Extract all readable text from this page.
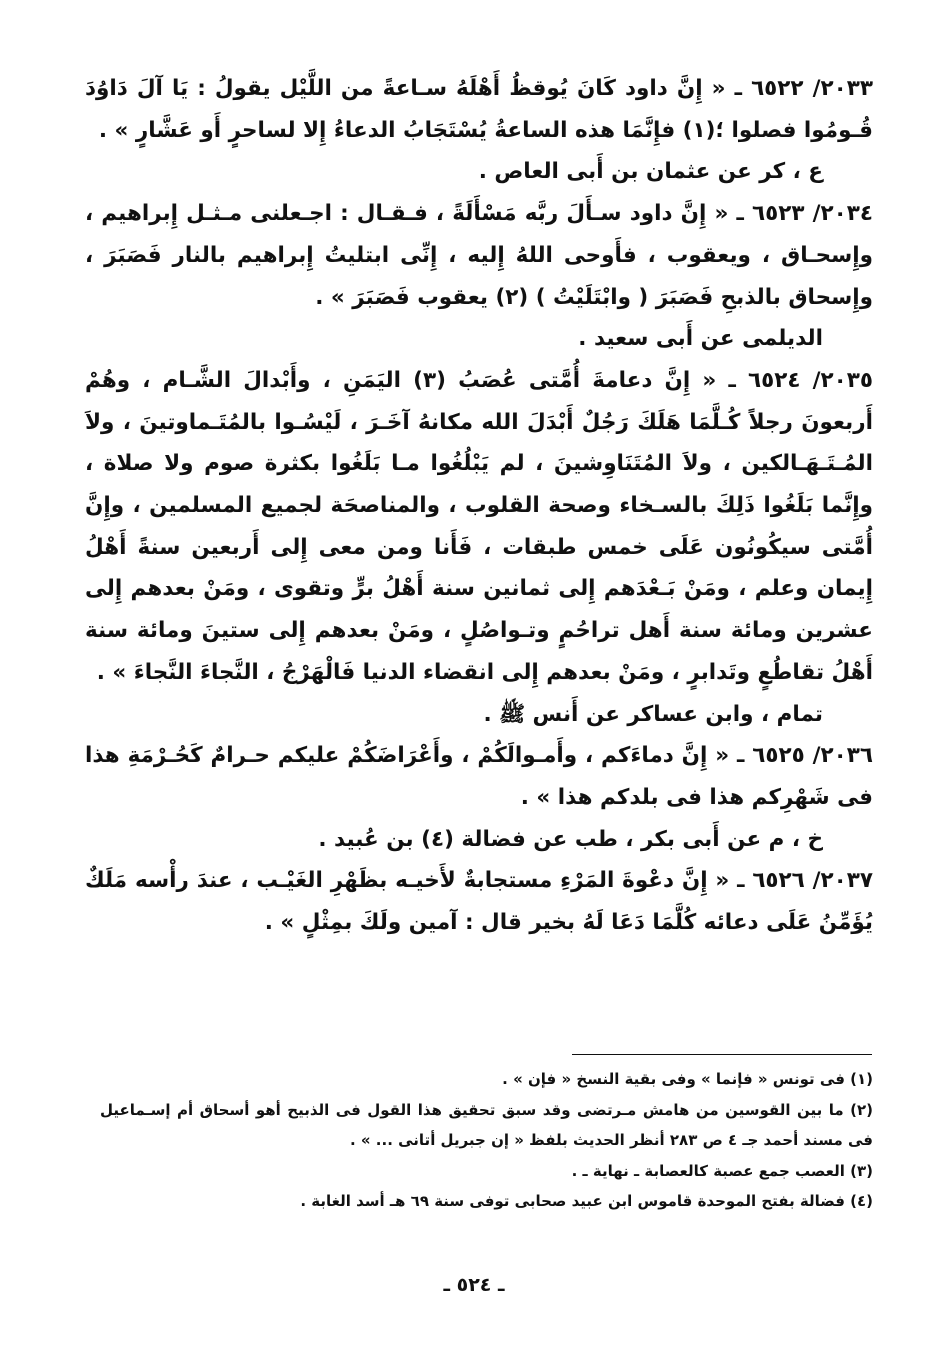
٢٠٣٣/ ٦٥٢٢ ـ « إِنَّ داود كَانَ يُوقظُ أَهْلَهُ سـاعةً من اللَّيْل يقولُ : يَا آلَ دَاوُدَ قُـومُوا فصلوا ؛(١) فإِنَّمَا هذه الساعةُ يُسْتَجَابُ الدعاءُ إِلا لساحرٍ أَو عَشَّارٍ » .

ع ، كر عن عثمان بن أَبى العاص .

٢٠٣٤/ ٦٥٢٣ ـ « إِنَّ داود سـأَلَ ربَّه مَسْأَلَةً ، فـقـال : اجـعلنى مـثـل إِبراهيم ، وإِسحـاق ، ويعقوب ، فأَوحى اللهُ إِليه ، إِنِّى ابتليتُ إِبراهيم بالنار فَصَبَرَ ، وإِسحاق بالذبحِ فَصَبَرَ ( وابْتَلَيْتُ ) (٢) يعقوب فَصَبَرَ » .

الديلمى عن أَبى سعيد .

٢٠٣٥/ ٦٥٢٤ ـ « إِنَّ دعامةَ أُمَّتى عُصَبُ (٣) اليَمَنِ ، وأَبْدالَ الشَّـام ، وهُمْ أَربعونَ رجلاً كُـلَّمَا هَلَكَ رَجُلٌ أَبْدَلَ الله مكانهُ آخَـرَ ، لَيْسُـوا بالمُتَـماوتينَ ، ولاَ المُـتَـهَـالكين ، ولاَ المُتَنَاوِشينَ ، لم يَبْلُغُوا مـا بَلَغُوا بكثرة صوم ولا صلاة ، وإِنَّما بَلَغُوا ذَلِكَ بالسـخاء وصحة القلوب ، والمناصحَة لجميع المسلمين ، وإِنَّ أُمَّتى سيكُونُون عَلَى خمس طبقات ، فَأَنا ومن معى إِلى أَربعين سنةً أَهْلُ إِيمان وعلم ، ومَنْ بَـعْدَهم إِلى ثمانين سنة أَهْلُ برٍّ وتقوى ، ومَنْ بعدهم إِلى عشرين ومائة سنة أَهل تراحُمٍ وتـواصُلٍ ، ومَنْ بعدهم إِلى ستينَ ومائة سنة أَهْلُ تقاطُعٍ وتَدابرٍ ، ومَنْ بعدهم إِلى انقضاء الدنيا فَالْهَرْجُ ، النَّجاءَ النَّجاءَ » .

تمام ، وابن عساكر عن أَنس ﷺ .

٢٠٣٦/ ٦٥٢٥ ـ « إِنَّ دماءَكم ، وأَمـوالَكُمْ ، وأَعْرَاضَكُمْ عليكم حـرامٌ كَحُـرْمَةِ هذا فى شَهْرِكم هذا فى بلدكم هذا » .

خ ، م عن أَبى بكر ، طب عن فضالة (٤) بن عُبيد .

٢٠٣٧/ ٦٥٢٦ ـ « إِنَّ دعْوةَ المَرْءِ مستجابةٌ لأَخيـه بظَهْرِ الغَيْـب ، عندَ رأْسه مَلَكٌ يُؤَمِّنُ عَلَى دعائه كُلَّمَا دَعَا لَهُ بخير قال : آمين ولَكَ بمِثْلٍ » .

(١) فى تونس « فإنما » وفى بقية النسخ « فإن » .

(٢) ما بين القوسين من هامش مـرتضى وقد سبق تحقيق هذا القول فى الذبيح أهو أسحاق أم إسـماعيل فى مسند أحمد جـ ٤ ص ٢٨٣ أنظر الحديث بلفظ « إن جبريل أتانى ... » .

(٣) العصب جمع عصبة كالعصابة ـ نهاية ـ .

(٤) فضالة بفتح الموحدة قاموس ابن عبيد صحابى توفى سنة ٦٩ هـ أسد الغابة .

ـ ٥٢٤ ـ
